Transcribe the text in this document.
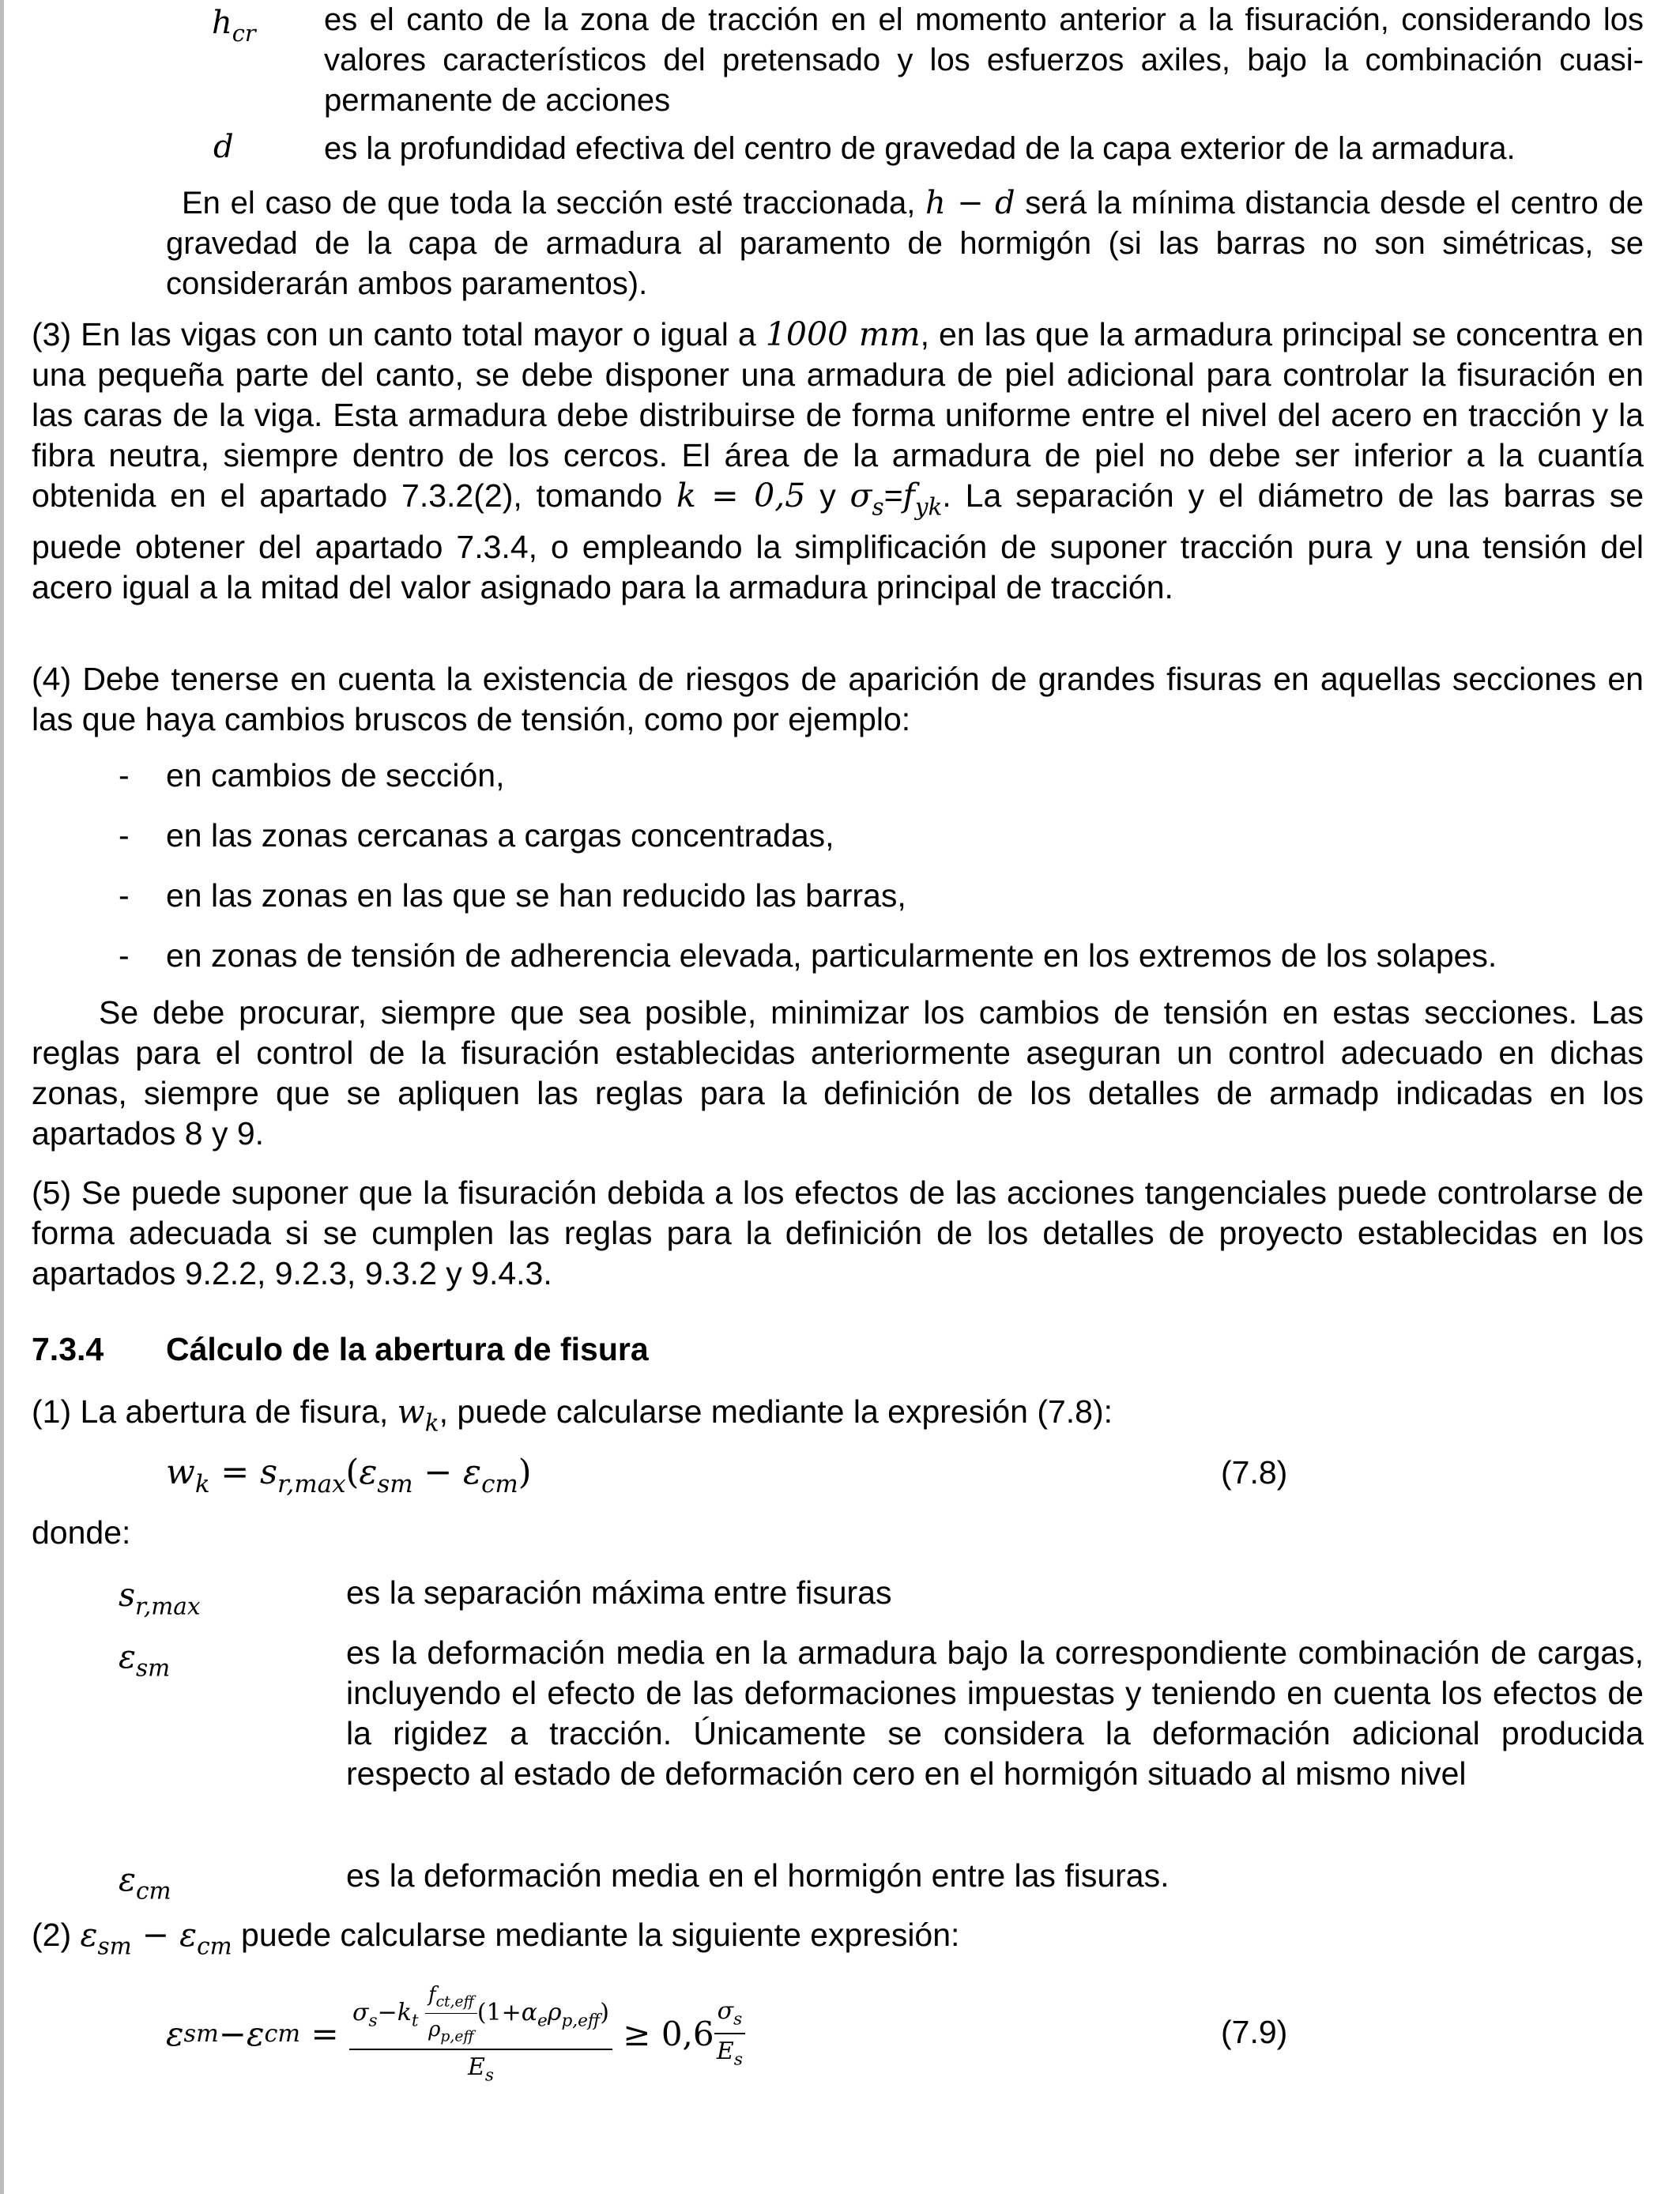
$h_{cr}$ es el canto de la zona de tracción en el momento anterior a la fisuración, considerando los valores característicos del pretensado y los esfuerzos axiles, bajo la combinación cuasi-permanente de acciones

d	es la profundidad efectiva del centro de gravedad de la capa exterior de la armadura.

En el caso de que toda la sección esté traccionada, h − d será la mínima distancia desde el centro de gravedad de la capa de armadura al paramento de hormigón (si las barras no son simétricas, se considerarán ambos paramentos).

(3) En las vigas con un canto total mayor o igual a 1000 mm, en las que la armadura principal se concentra en una pequeña parte del canto, se debe disponer una armadura de piel adicional para controlar la fisuración en las caras de la viga. Esta armadura debe distribuirse de forma uniforme entre el nivel del acero en tracción y la fibra neutra, siempre dentro de los cercos. El área de la armadura de piel no debe ser inferior a la cuantía obtenida en el apartado 7.3.2(2), tomando k = 0,5 y $\sigma_s=f_{yk}$. La separación y el diámetro de las barras se puede obtener del apartado 7.3.4, o empleando la simplificación de suponer tracción pura y una tensión del acero igual a la mitad del valor asignado para la armadura principal de tracción.

(4) Debe tenerse en cuenta la existencia de riesgos de aparición de grandes fisuras en aquellas secciones en las que haya cambios bruscos de tensión, como por ejemplo:

- en cambios de sección,
- en las zonas cercanas a cargas concentradas,
- en las zonas en las que se han reducido las barras,
- en zonas de tensión de adherencia elevada, particularmente en los extremos de los solapes.

Se debe procurar, siempre que sea posible, minimizar los cambios de tensión en estas secciones. Las reglas para el control de la fisuración establecidas anteriormente aseguran un control adecuado en dichas zonas, siempre que se apliquen las reglas para la definición de los detalles de armadp indicadas en los apartados 8 y 9.

(5) Se puede suponer que la fisuración debida a los efectos de las acciones tangenciales puede controlarse de forma adecuada si se cumplen las reglas para la definición de los detalles de proyecto establecidas en los apartados 9.2.2, 9.2.3, 9.3.2 y 9.4.3.

7.3.4 Cálculo de la abertura de fisura

(1) La abertura de fisura, $w_k$, puede calcularse mediante la expresión (7.8):

$w_k = s_{r,max}(\varepsilon_{sm} - \varepsilon_{cm})$	(7.8)
donde:
$s_{r,max}$	es la separación máxima entre fisuras

$\varepsilon_{sm}$	es la deformación media en la armadura bajo la correspondiente combinación de cargas, incluyendo el efecto de las deformaciones impuestas y teniendo en cuenta los efectos de la rigidez a tracción. Únicamente se considera la deformación adicional producida respecto al estado de deformación cero en el hormigón situado al mismo nivel

$\varepsilon_{cm}$	es la deformación media en el hormigón entre las fisuras.

(2) $\varepsilon_{sm} - \varepsilon_{cm}$ puede calcularse mediante la siguiente expresión:

ε sm − ε cm =
$\sigma_s-k_t \frac{f_{ct,eff}}{\rho_{p,eff}} (1+\alpha_e\rho_{p,eff})$
$E_s$
≥ $0,6 \frac{\sigma_s}{E_s}$	(7.9)
